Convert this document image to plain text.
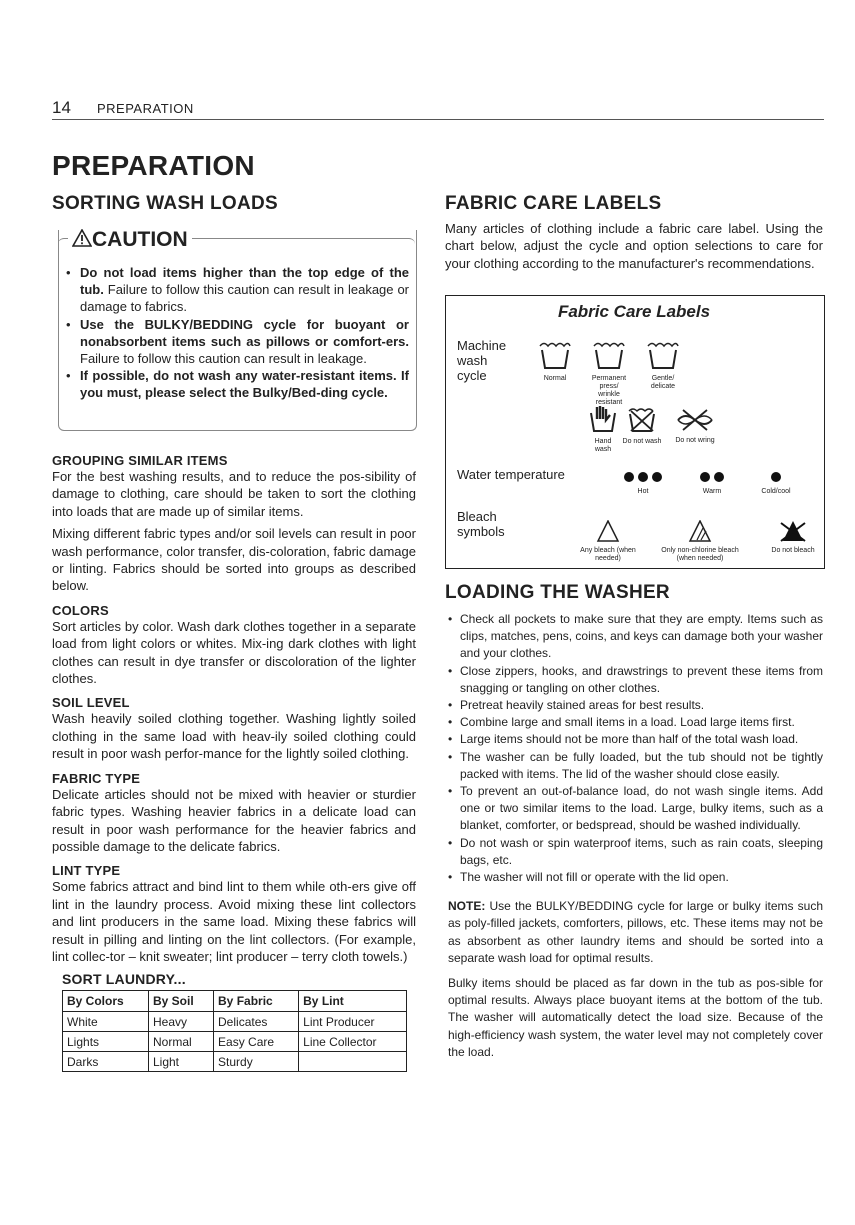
14 PREPARATION
PREPARATION
SORTING WASH LOADS
CAUTION
• Do not load items higher than the top edge of the tub. Failure to follow this caution can result in leakage or damage to fabrics.
• Use the BULKY/BEDDING cycle for buoyant or nonabsorbent items such as pillows or comfort-ers. Failure to follow this caution can result in leakage.
• If possible, do not wash any water-resistant items. If you must, please select the Bulky/Bed-ding cycle.
GROUPING SIMILAR ITEMS
For the best washing results, and to reduce the pos-sibility of damage to clothing, care should be taken to sort the clothing into loads that are made up of similar items.
Mixing different fabric types and/or soil levels can result in poor wash performance, color transfer, dis-coloration, fabric damage or linting. Fabrics should be sorted into groups as described below.
COLORS
Sort articles by color. Wash dark clothes together in a separate load from light colors or whites. Mix-ing dark clothes with light clothes can result in dye transfer or discoloration of the lighter clothes.
SOIL LEVEL
Wash heavily soiled clothing together. Washing lightly soiled clothing in the same load with heav-ily soiled clothing could result in poor wash perfor-mance for the lightly soiled clothing.
FABRIC TYPE
Delicate articles should not be mixed with heavier or sturdier fabric types. Washing heavier fabrics in a delicate load can result in poor wash performance for the heavier fabrics and possible damage to the delicate fabrics.
LINT TYPE
Some fabrics attract and bind lint to them while oth-ers give off lint in the laundry process. Avoid mixing these lint collectors and lint producers in the same load. Mixing these fabrics will result in pilling and linting on the lint collectors. (For example, lint collec-tor – knit sweater; lint producer – terry cloth towels.)
SORT LAUNDRY...
By Colors	By Soil	By Fabric	By Lint
White	Heavy	Delicates	Lint Producer
Lights	Normal	Easy Care	Line Collector
Darks	Light	Sturdy	
FABRIC CARE LABELS
Many articles of clothing include a fabric care label. Using the chart below, adjust the cycle and option selections to care for your clothing according to the manufacturer's recommendations.
Fabric Care Labels
Machine wash cycle	Normal	Permanent press/ wrinkle resistant
Gentle/ delicate
Hand wash
Do not wash	Do not wring
Water temperature
Hot	Warm	Cold/cool
Bleach symbols
Any bleach (when needed)
Only non-chlorine bleach (when needed)
Do not bleach
LOADING THE WASHER
• Check all pockets to make sure that they are empty. Items such as clips, matches, pens, coins, and keys can damage both your washer and your clothes.
• Close zippers, hooks, and drawstrings to prevent these items from snagging or tangling on other clothes.
• Pretreat heavily stained areas for best results.
• Combine large and small items in a load. Load large items first.
• Large items should not be more than half of the total wash load.
• The washer can be fully loaded, but the tub should not be tightly packed with items. The lid of the washer should close easily.
• To prevent an out-of-balance load, do not wash single items. Add one or two similar items to the load. Large, bulky items, such as a blanket, comforter, or bedspread, should be washed individually.
• Do not wash or spin waterproof items, such as rain coats, sleeping bags, etc.
• The washer will not fill or operate with the lid open.
NOTE: Use the BULKY/BEDDING cycle for large or bulky items such as poly-filled jackets, comforters, pillows, etc. These items may not be as absorbent as other laundry items and should be sorted into a separate wash load for optimal results.
Bulky items should be placed as far down in the tub as pos-sible for optimal results. Always place buoyant items at the bottom of the tub. The washer will automatically detect the load size. Because of the high-efficiency wash system, the water level may not completely cover the load.
